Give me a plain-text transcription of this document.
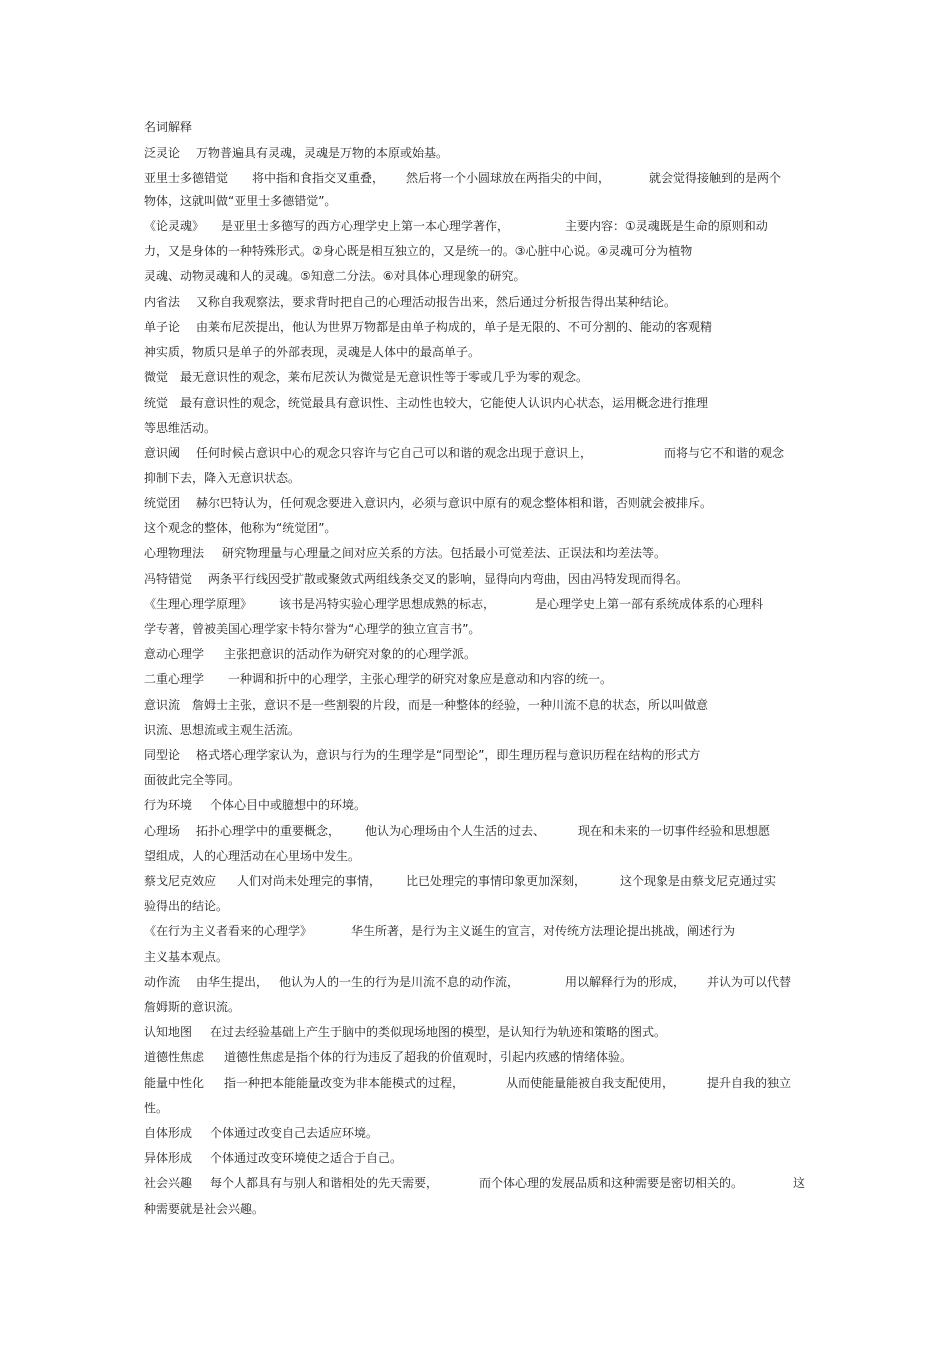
名词解释
泛灵论 万物普遍具有灵魂，灵魂是万物的本原或始基。
亚里士多德错觉 将中指和食指交叉重叠， 然后将一个小圆球放在两指尖的中间，	就会觉得接触到的是两个
物体，这就叫做“亚里士多德错觉”。
《论灵魂》 是亚里士多德写的西方心理学史上第一本心理学著作，	主要内容：①灵魂既是生命的原则和动
力，又是身体的一种特殊形式。②身心既是相互独立的，又是统一的。③心脏中心说。④灵魂可分为植物
灵魂、动物灵魂和人的灵魂。⑤知意二分法。⑥对具体心理现象的研究。
内省法 又称自我观察法，要求背时把自己的心理活动报告出来，然后通过分析报告得出某种结论。
单子论 由莱布尼茨提出，他认为世界万物都是由单子构成的，单子是无限的、不可分割的、能动的客观精
神实质，物质只是单子的外部表现，灵魂是人体中的最高单子。
微觉 最无意识性的观念，莱布尼茨认为微觉是无意识性等于零或几乎为零的观念。
统觉 最有意识性的观念，统觉最具有意识性、主动性也较大，它能使人认识内心状态，运用概念进行推理
等思维活动。
意识阈 任何时候占意识中心的观念只容许与它自己可以和谐的观念出现于意识上，	而将与它不和谐的观念
抑制下去，降入无意识状态。
统觉团 赫尔巴特认为，任何观念要进入意识内，必须与意识中原有的观念整体相和谐，否则就会被排斥。
这个观念的整体，他称为“统觉团”。
心理物理法 研究物理量与心理量之间对应关系的方法。包括最小可觉差法、正误法和均差法等。
冯特错觉 两条平行线因受扩散或聚敛式两组线条交叉的影响，显得向内弯曲，因由冯特发现而得名。
《生理心理学原理》 该书是冯特实验心理学思想成熟的标志，	是心理学史上第一部有系统成体系的心理科
学专著，曾被美国心理学家卡特尔誉为“心理学的独立宣言书”。
意动心理学 主张把意识的活动作为研究对象的的心理学派。
二重心理学 一种调和折中的心理学，主张心理学的研究对象应是意动和内容的统一。
意识流 詹姆士主张，意识不是一些割裂的片段，而是一种整体的经验，一种川流不息的状态，所以叫做意
识流、思想流或主观生活流。
同型论 格式塔心理学家认为，意识与行为的生理学是“同型论”，即生理历程与意识历程在结构的形式方
面彼此完全等同。
行为环境 个体心目中或臆想中的环境。
心理场 拓扑心理学中的重要概念， 他认为心理场由个人生活的过去、	现在和未来的一切事件经验和思想愿
望组成，人的心理活动在心里场中发生。
蔡戈尼克效应 人们对尚未处理完的事情， 比已处理完的事情印象更加深刻，	这个现象是由蔡戈尼克通过实
验得出的结论。
《在行为主义者看来的心理学》	华生所著，是行为主义诞生的宣言，对传统方法理论提出挑战，阐述行为
主义基本观点。
动作流 由华生提出， 他认为人的一生的行为是川流不息的动作流，	用以解释行为的形成， 并认为可以代替
詹姆斯的意识流。
认知地图 在过去经验基础上产生于脑中的类似现场地图的模型，是认知行为轨迹和策略的图式。
道德性焦虑 道德性焦虑是指个体的行为违反了超我的价值观时，引起内疚感的情绪体验。
能量中性化 指一种把本能能量改变为非本能模式的过程，	从而使能量能被自我支配使用，	提升自我的独立
性。
自体形成 个体通过改变自己去适应环境。
异体形成 个体通过改变环境使之适合于自己。
社会兴趣 每个人都具有与别人和谐相处的先天需要，	而个体心理的发展品质和这种需要是密切相关的。	这
种需要就是社会兴趣。
